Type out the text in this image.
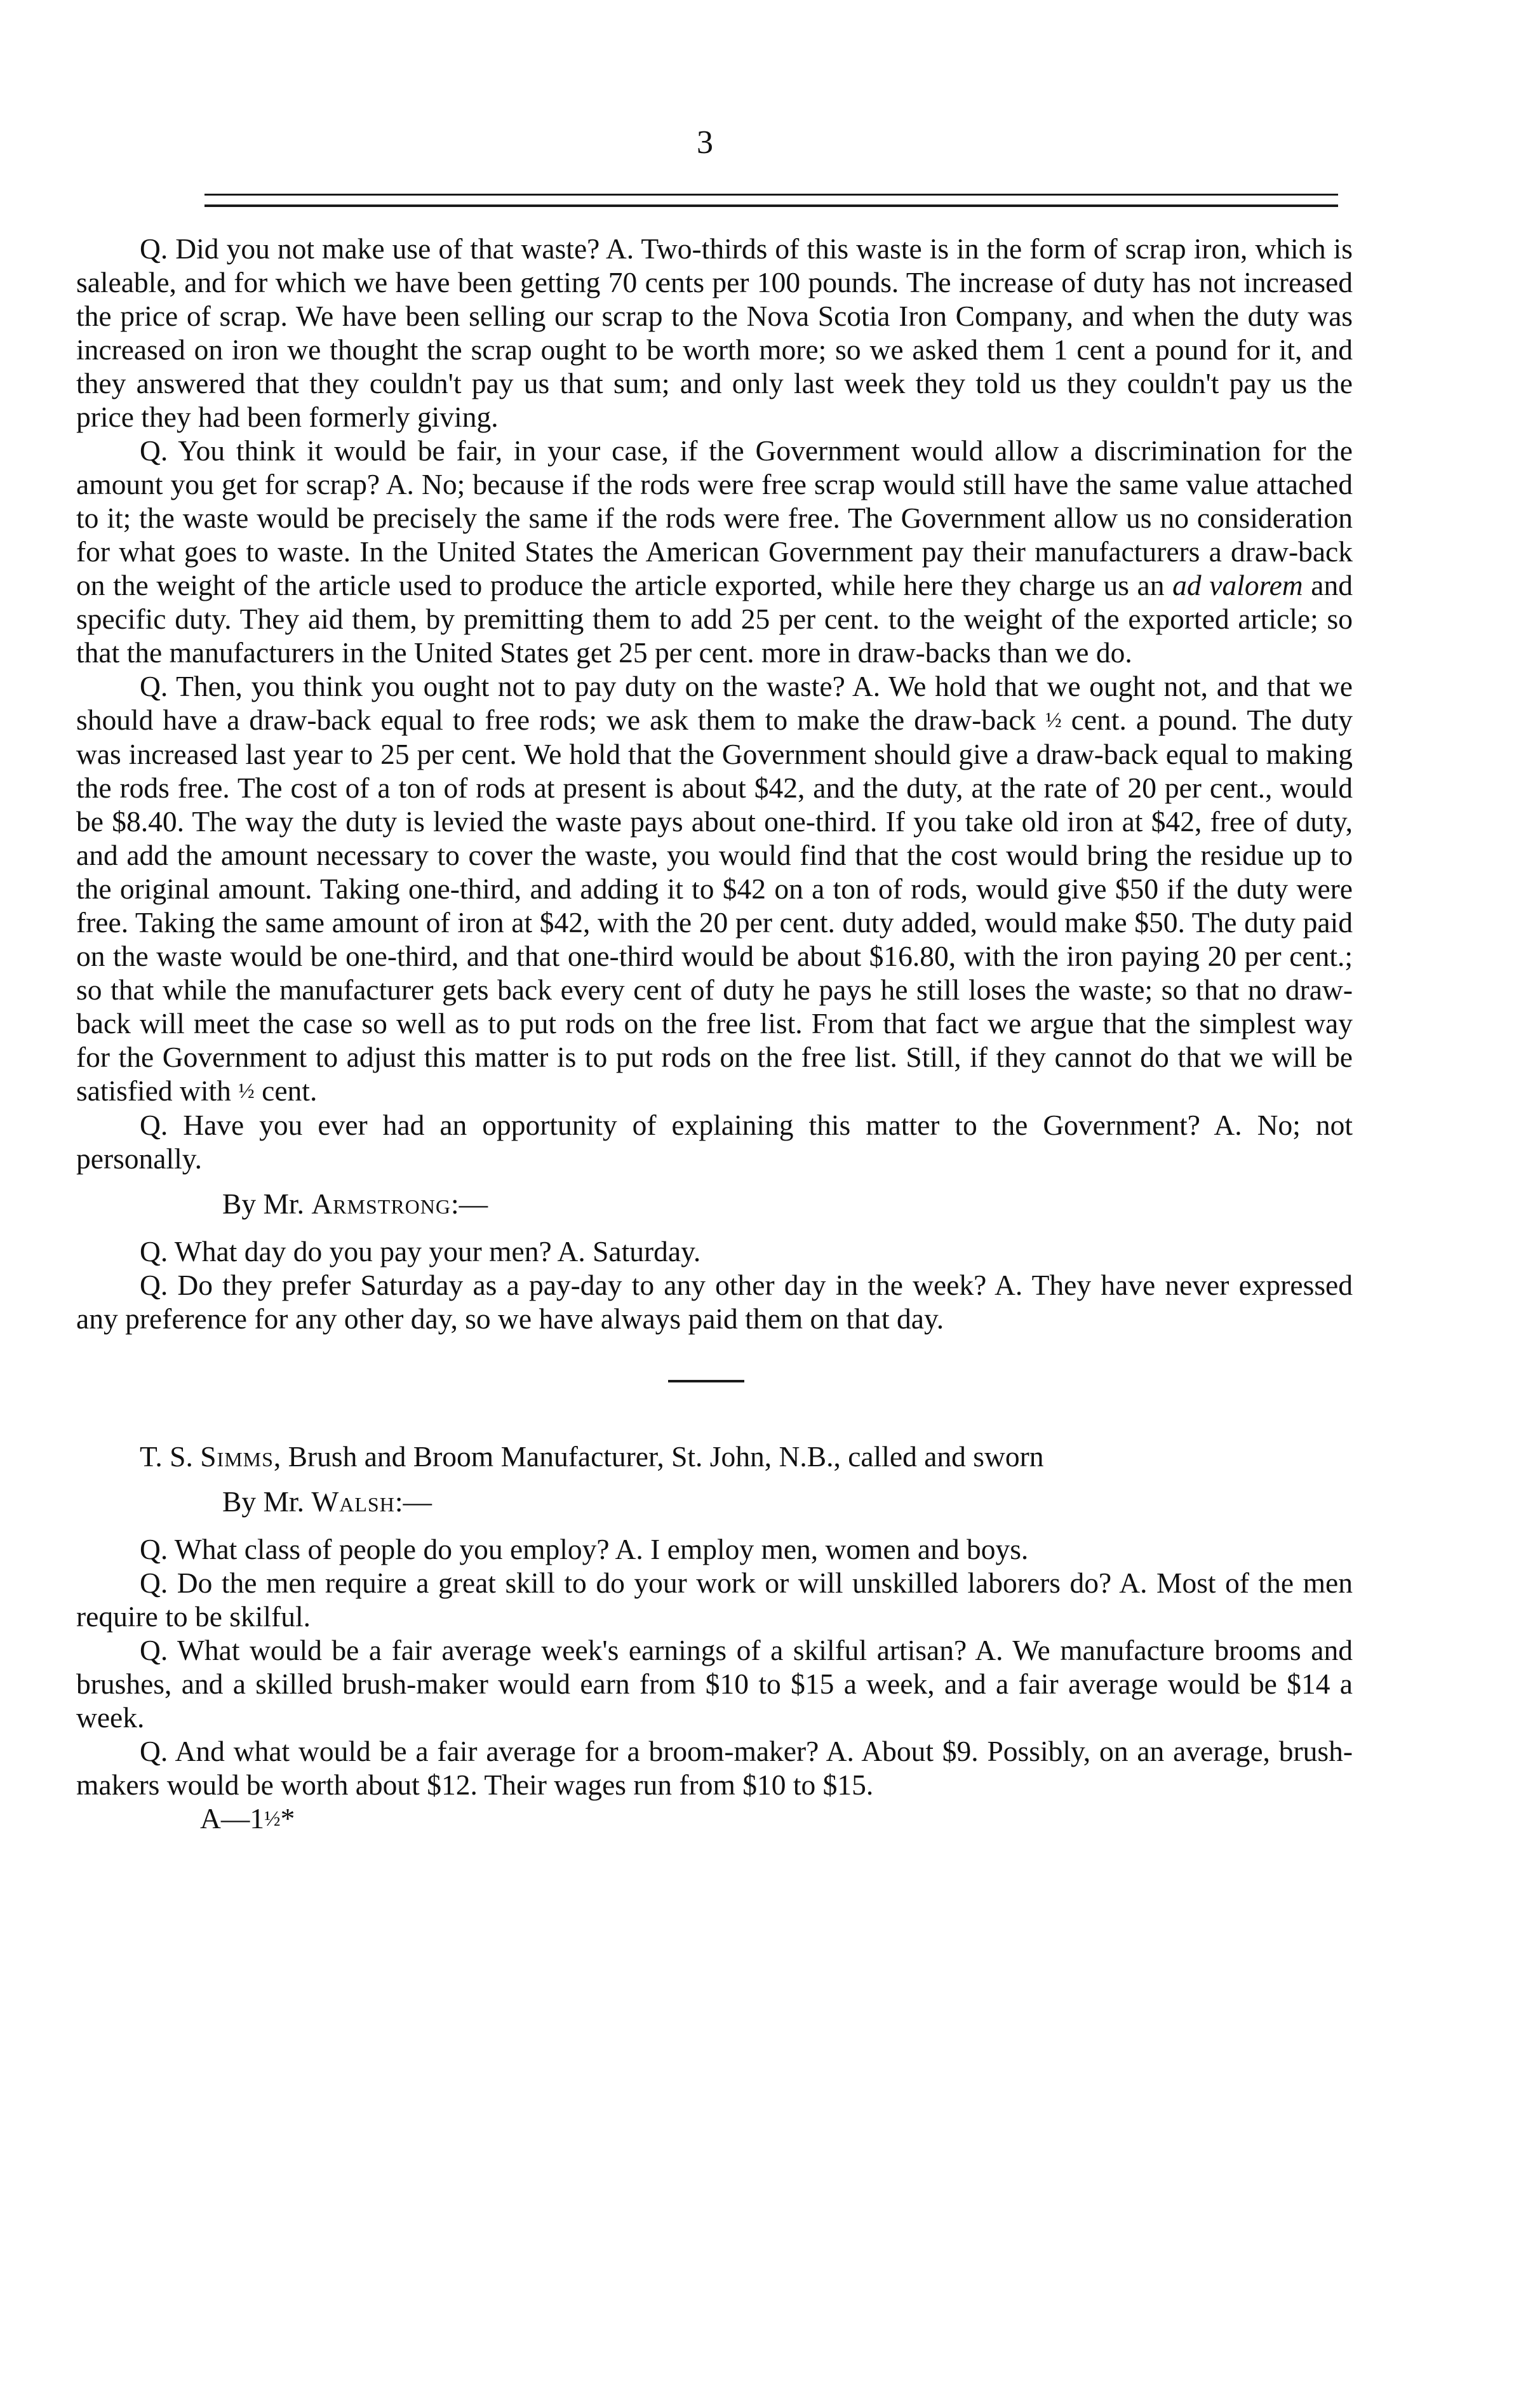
3

Q. Did you not make use of that waste? A. Two-thirds of this waste is in the form of scrap iron, which is saleable, and for which we have been getting 70 cents per 100 pounds. The increase of duty has not increased the price of scrap. We have been selling our scrap to the Nova Scotia Iron Company, and when the duty was increased on iron we thought the scrap ought to be worth more; so we asked them 1 cent a pound for it, and they answered that they couldn't pay us that sum; and only last week they told us they couldn't pay us the price they had been formerly giving.

Q. You think it would be fair, in your case, if the Government would allow a discrimination for the amount you get for scrap? A. No; because if the rods were free scrap would still have the same value attached to it; the waste would be precisely the same if the rods were free. The Government allow us no consideration for what goes to waste. In the United States the American Government pay their manufacturers a draw-back on the weight of the article used to produce the article exported, while here they charge us an ad valorem and specific duty. They aid them, by premitting them to add 25 per cent. to the weight of the exported article; so that the manufacturers in the United States get 25 per cent. more in draw-backs than we do.

Q. Then, you think you ought not to pay duty on the waste? A. We hold that we ought not, and that we should have a draw-back equal to free rods; we ask them to make the draw-back ½ cent. a pound. The duty was increased last year to 25 per cent. We hold that the Government should give a draw-back equal to making the rods free. The cost of a ton of rods at present is about $42, and the duty, at the rate of 20 per cent., would be $8.40. The way the duty is levied the waste pays about one-third. If you take old iron at $42, free of duty, and add the amount necessary to cover the waste, you would find that the cost would bring the residue up to the original amount. Taking one-third, and adding it to $42 on a ton of rods, would give $50 if the duty were free. Taking the same amount of iron at $42, with the 20 per cent. duty added, would make $50. The duty paid on the waste would be one-third, and that one-third would be about $16.80, with the iron paying 20 per cent.; so that while the manufacturer gets back every cent of duty he pays he still loses the waste; so that no draw-back will meet the case so well as to put rods on the free list. From that fact we argue that the simplest way for the Government to adjust this matter is to put rods on the free list. Still, if they cannot do that we will be satisfied with ½ cent.

Q. Have you ever had an opportunity of explaining this matter to the Government? A. No; not personally.

By Mr. Armstrong:—

Q. What day do you pay your men? A. Saturday.

Q. Do they prefer Saturday as a pay-day to any other day in the week? A. They have never expressed any preference for any other day, so we have always paid them on that day.

T. S. Simms, Brush and Broom Manufacturer, St. John, N.B., called and sworn

By Mr. Walsh:—

Q. What class of people do you employ? A. I employ men, women and boys.

Q. Do the men require a great skill to do your work or will unskilled laborers do? A. Most of the men require to be skilful.

Q. What would be a fair average week's earnings of a skilful artisan? A. We manufacture brooms and brushes, and a skilled brush-maker would earn from $10 to $15 a week, and a fair average would be $14 a week.

Q. And what would be a fair average for a broom-maker? A. About $9. Possibly, on an average, brush-makers would be worth about $12. Their wages run from $10 to $15.

A—1½*
